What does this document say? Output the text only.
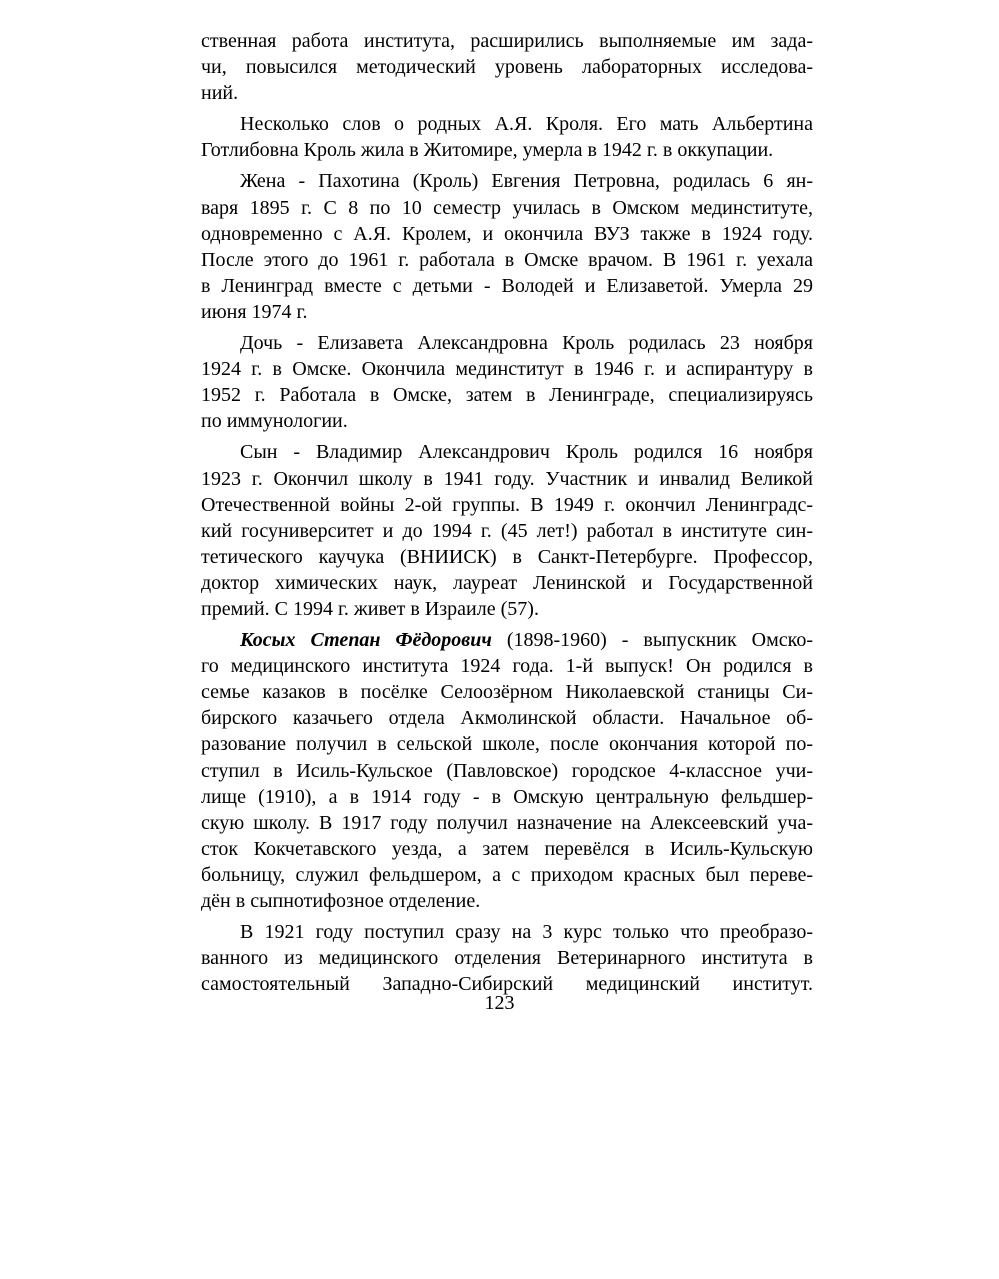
ственная работа института, расширились выполняемые им зада-
чи, повысился методический уровень лабораторных исследова-
ний.
Несколько слов о родных А.Я. Кроля. Его мать Альбертина
Готлибовна Кроль жила в Житомире, умерла в 1942 г. в оккупации.
Жена - Пахотина (Кроль) Евгения Петровна, родилась 6 ян-
варя 1895 г. С 8 по 10 семестр училась в Омском мединституте,
одновременно с А.Я. Кролем, и окончила ВУЗ также в 1924 году.
После этого до 1961 г. работала в Омске врачом. В 1961 г. уехала
в Ленинград вместе с детьми - Володей и Елизаветой. Умерла 29
июня 1974 г.
Дочь - Елизавета Александровна Кроль родилась 23 ноября
1924 г. в Омске. Окончила мединститут в 1946 г. и аспирантуру в
1952 г. Работала в Омске, затем в Ленинграде, специализируясь
по иммунологии.
Сын - Владимир Александрович Кроль родился 16 ноября
1923 г. Окончил школу в 1941 году. Участник и инвалид Великой
Отечественной войны 2-ой группы. В 1949 г. окончил Ленинградс-
кий госуниверситет и до 1994 г. (45 лет!) работал в институте син-
тетического каучука (ВНИИСК) в Санкт-Петербурге. Профессор,
доктор химических наук, лауреат Ленинской и Государственной
премий. С 1994 г. живет в Израиле (57).
Косых Степан Фёдорович (1898-1960) - выпускник Омско-
го медицинского института 1924 года. 1-й выпуск! Он родился в
семье казаков в посёлке Селоозёрном Николаевской станицы Си-
бирского казачьего отдела Акмолинской области. Начальное об-
разование получил в сельской школе, после окончания которой по-
ступил в Исиль-Кульское (Павловское) городское 4-классное учи-
лище (1910), а в 1914 году - в Омскую центральную фельдшер-
скую школу. В 1917 году получил назначение на Алексеевский уча-
сток Кокчетавского уезда, а затем перевёлся в Исиль-Кульскую
больницу, служил фельдшером, а с приходом красных был переве-
дён в сыпнотифозное отделение.
В 1921 году поступил сразу на 3 курс только что преобразо-
ванного из медицинского отделения Ветеринарного института в
самостоятельный Западно-Сибирский медицинский институт.
123
